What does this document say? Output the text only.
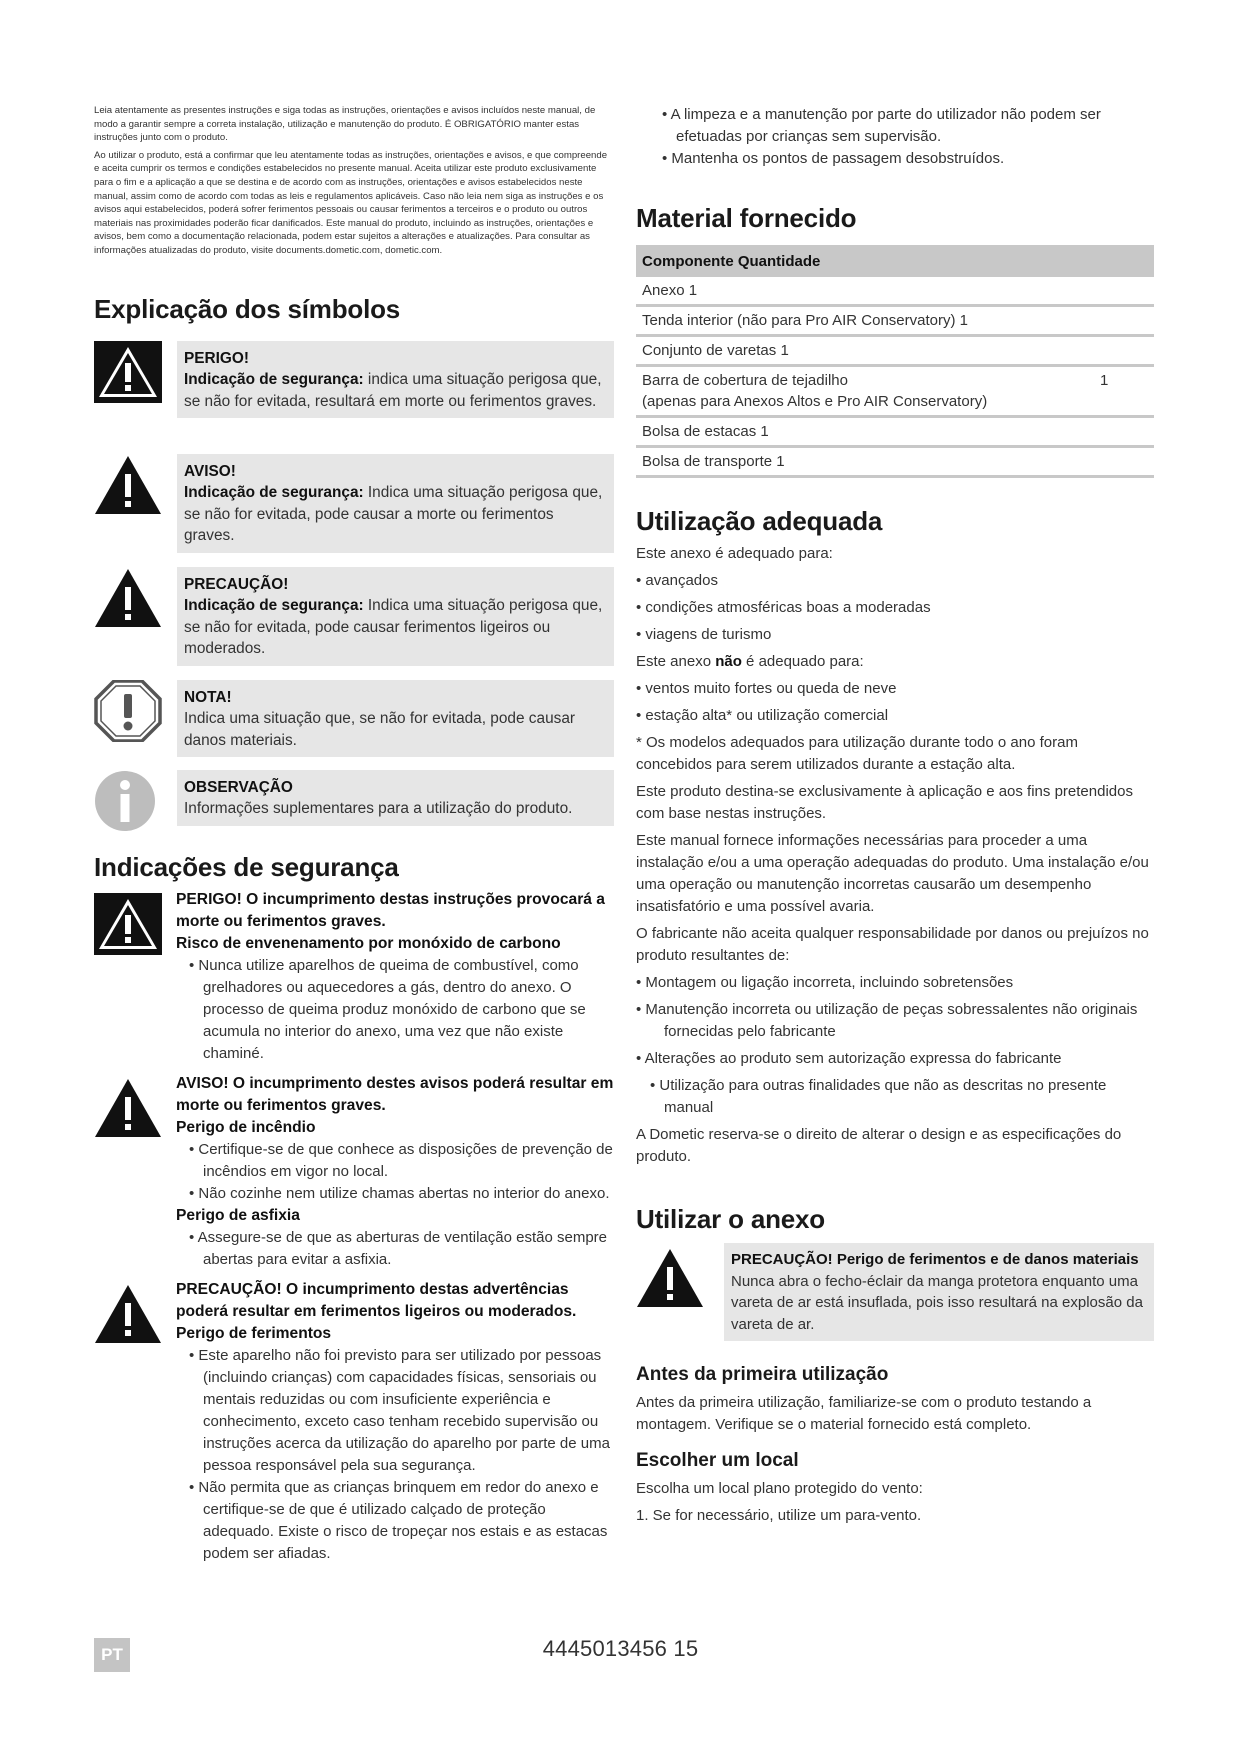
Leia atentamente as presentes instruções e siga todas as instruções, orientações e avisos incluídos neste manual, de modo a garantir sempre a correta instalação, utilização e manutenção do produto. É OBRIGATÓRIO manter estas instruções junto com o produto.

Ao utilizar o produto, está a confirmar que leu atentamente todas as instruções, orientações e avisos, e que compreende e aceita cumprir os termos e condições estabelecidos no presente manual. Aceita utilizar este produto exclusivamente para o fim e a aplicação a que se destina e de acordo com as instruções, orientações e avisos estabelecidos neste manual, assim como de acordo com todas as leis e regulamentos aplicáveis. Caso não leia nem siga as instruções e os avisos aqui estabelecidos, poderá sofrer ferimentos pessoais ou causar ferimentos a terceiros e o produto ou outros materiais nas proximidades poderão ficar danificados. Este manual do produto, incluindo as instruções, orientações e avisos, bem como a documentação relacionada, podem estar sujeitos a alterações e atualizações. Para consultar as informações atualizadas do produto, visite documents.dometic.com, dometic.com.

Explicação dos símbolos
PERIGO!
Indicação de segurança: indica uma situação perigosa que, se não for evitada, resultará em morte ou ferimentos graves.
AVISO!
Indicação de segurança: Indica uma situação perigosa que, se não for evitada, pode causar a morte ou ferimentos graves.
PRECAUÇÃO!
Indicação de segurança: Indica uma situação perigosa que, se não for evitada, pode causar ferimentos ligeiros ou moderados.
NOTA!
Indica uma situação que, se não for evitada, pode causar danos materiais.
OBSERVAÇÃO
Informações suplementares para a utilização do produto.
Indicações de segurança
PERIGO! O incumprimento destas instruções provocará a morte ou ferimentos graves.
Risco de envenenamento por monóxido de carbono
• Nunca utilize aparelhos de queima de combustível, como grelhadores ou aquecedores a gás, dentro do anexo. O processo de queima produz monóxido de carbono que se acumula no interior do anexo, uma vez que não existe chaminé.
AVISO! O incumprimento destes avisos poderá resultar em morte ou ferimentos graves.
Perigo de incêndio
• Certifique-se de que conhece as disposições de prevenção de incêndios em vigor no local.
• Não cozinhe nem utilize chamas abertas no interior do anexo.
Perigo de asfixia
• Assegure-se de que as aberturas de ventilação estão sempre abertas para evitar a asfixia.
PRECAUÇÃO! O incumprimento destas advertências poderá resultar em ferimentos ligeiros ou moderados.
Perigo de ferimentos
• Este aparelho não foi previsto para ser utilizado por pessoas (incluindo crianças) com capacidades físicas, sensoriais ou mentais reduzidas ou com insuficiente experiência e conhecimento, exceto caso tenham recebido supervisão ou instruções acerca da utilização do aparelho por parte de uma pessoa responsável pela sua segurança.
• Não permita que as crianças brinquem em redor do anexo e certifique-se de que é utilizado calçado de proteção adequado. Existe o risco de tropeçar nos estais e as estacas podem ser afiadas.
• A limpeza e a manutenção por parte do utilizador não podem ser efetuadas por crianças sem supervisão.
• Mantenha os pontos de passagem desobstruídos.
Material fornecido
Componente Quantidade
Anexo 1
Tenda interior (não para Pro AIR Conservatory) 1
Conjunto de varetas 1

Barra de cobertura de tejadilho
(apenas para Anexos Altos e Pro AIR Conservatory)
	1
Bolsa de estacas 1
Bolsa de transporte 1
Utilização adequada

Este anexo é adequado para:

• avançados
• condições atmosféricas boas a moderadas
• viagens de turismo

Este anexo não é adequado para:

• ventos muito fortes ou queda de neve
• estação alta* ou utilização comercial

* Os modelos adequados para utilização durante todo o ano foram concebidos para serem utilizados durante a estação alta.

Este produto destina-se exclusivamente à aplicação e aos fins pretendidos com base nestas instruções.

Este manual fornece informações necessárias para proceder a uma instalação e/ou a uma operação adequadas do produto. Uma instalação e/ou uma operação ou manutenção incorretas causarão um desempenho insatisfatório e uma possível avaria.

O fabricante não aceita qualquer responsabilidade por danos ou prejuízos no produto resultantes de:

• Montagem ou ligação incorreta, incluindo sobretensões
• Manutenção incorreta ou utilização de peças sobressalentes não originais fornecidas pelo fabricante
• Alterações ao produto sem autorização expressa do fabricante
• Utilização para outras finalidades que não as descritas no presente manual

A Dometic reserva-se o direito de alterar o design e as especificações do produto.

Utilizar o anexo
PRECAUÇÃO! Perigo de ferimentos e de danos materiais
Nunca abra o fecho-éclair da manga protetora enquanto uma vareta de ar está insuflada, pois isso resultará na explosão da vareta de ar.
Antes da primeira utilização

Antes da primeira utilização, familiarize-se com o produto testando a montagem. Verifique se o material fornecido está completo.

Escolher um local

Escolha um local plano protegido do vento:

1. Se for necessário, utilize um para-vento.

PT	4445013456 15
